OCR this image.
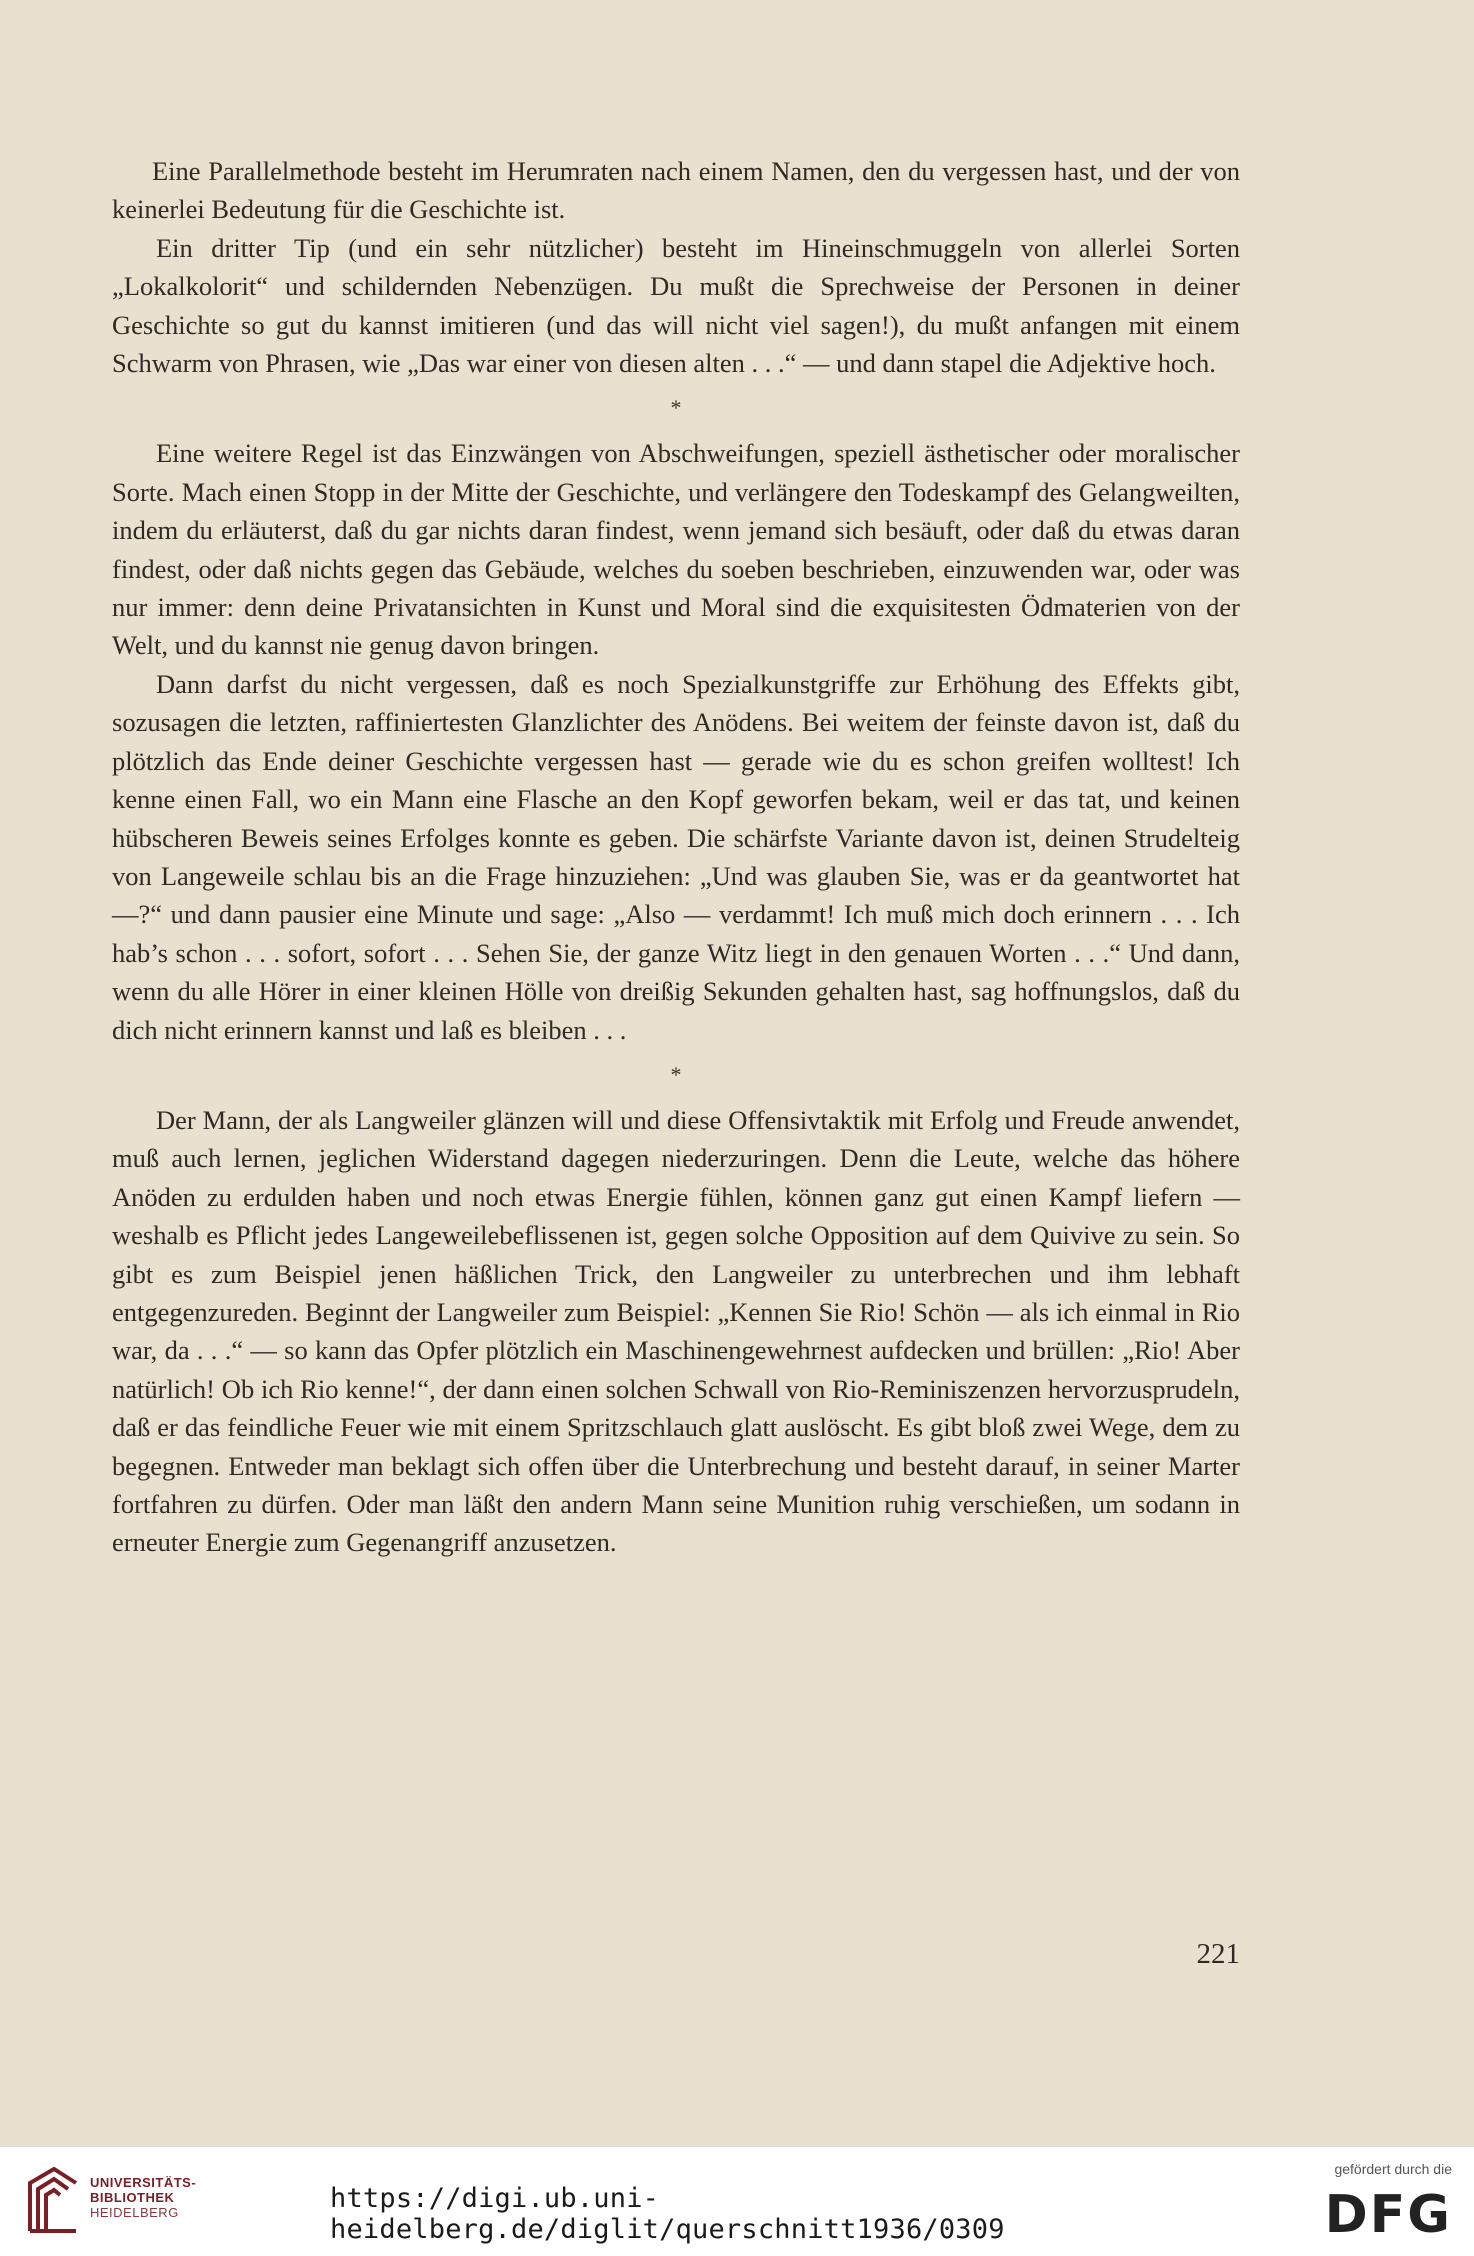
Eine Parallelmethode besteht im Herumraten nach einem Namen, den du vergessen hast, und der von keinerlei Bedeutung für die Geschichte ist.

Ein dritter Tip (und ein sehr nützlicher) besteht im Hineinschmuggeln von allerlei Sorten „Lokalkolorit“ und schildernden Nebenzügen. Du mußt die Sprechweise der Personen in deiner Geschichte so gut du kannst imitieren (und das will nicht viel sagen!), du mußt anfangen mit einem Schwarm von Phrasen, wie „Das war einer von diesen alten . . .“ — und dann stapel die Adjektive hoch.

*

Eine weitere Regel ist das Einzwängen von Abschweifungen, speziell ästhetischer oder moralischer Sorte. Mach einen Stopp in der Mitte der Geschichte, und verlängere den Todeskampf des Gelangweilten, indem du erläuterst, daß du gar nichts daran findest, wenn jemand sich besäuft, oder daß du etwas daran findest, oder daß nichts gegen das Gebäude, welches du soeben beschrieben, einzuwenden war, oder was nur immer: denn deine Privatansichten in Kunst und Moral sind die exquisitesten Ödmaterien von der Welt, und du kannst nie genug davon bringen.

Dann darfst du nicht vergessen, daß es noch Spezialkunstgriffe zur Erhöhung des Effekts gibt, sozusagen die letzten, raffiniertesten Glanzlichter des Anödens. Bei weitem der feinste davon ist, daß du plötzlich das Ende deiner Geschichte vergessen hast — gerade wie du es schon greifen wolltest! Ich kenne einen Fall, wo ein Mann eine Flasche an den Kopf geworfen bekam, weil er das tat, und keinen hübscheren Beweis seines Erfolges konnte es geben. Die schärfste Variante davon ist, deinen Strudelteig von Langeweile schlau bis an die Frage hinzuziehen: „Und was glauben Sie, was er da geantwortet hat —?“ und dann pausier eine Minute und sage: „Also — verdammt! Ich muß mich doch erinnern . . . Ich hab’s schon . . . sofort, sofort . . . Sehen Sie, der ganze Witz liegt in den genauen Worten . . .“ Und dann, wenn du alle Hörer in einer kleinen Hölle von dreißig Sekunden gehalten hast, sag hoffnungslos, daß du dich nicht erinnern kannst und laß es bleiben . . .

*

Der Mann, der als Langweiler glänzen will und diese Offensivtaktik mit Erfolg und Freude anwendet, muß auch lernen, jeglichen Widerstand dagegen niederzuringen. Denn die Leute, welche das höhere Anöden zu erdulden haben und noch etwas Energie fühlen, können ganz gut einen Kampf liefern — weshalb es Pflicht jedes Langeweilebeflissenen ist, gegen solche Opposition auf dem Quivive zu sein. So gibt es zum Beispiel jenen häßlichen Trick, den Langweiler zu unterbrechen und ihm lebhaft entgegenzureden. Beginnt der Langweiler zum Beispiel: „Kennen Sie Rio! Schön — als ich einmal in Rio war, da . . .“ — so kann das Opfer plötzlich ein Maschinengewehrnest aufdecken und brüllen: „Rio! Aber natürlich! Ob ich Rio kenne!“, der dann einen solchen Schwall von Rio-Reminiszenzen hervorzusprudeln, daß er das feindliche Feuer wie mit einem Spritzschlauch glatt auslöscht. Es gibt bloß zwei Wege, dem zu begegnen. Entweder man beklagt sich offen über die Unterbrechung und besteht darauf, in seiner Marter fortfahren zu dürfen. Oder man läßt den andern Mann seine Munition ruhig verschießen, um sodann in erneuter Energie zum Gegenangriff anzusetzen.

221
UNIVERSITÄTS-
BIBLIOTHEK
HEIDELBERG	https://digi.ub.uni-heidelberg.de/diglit/querschnitt1936/0309
gefördert durch die
DFG
